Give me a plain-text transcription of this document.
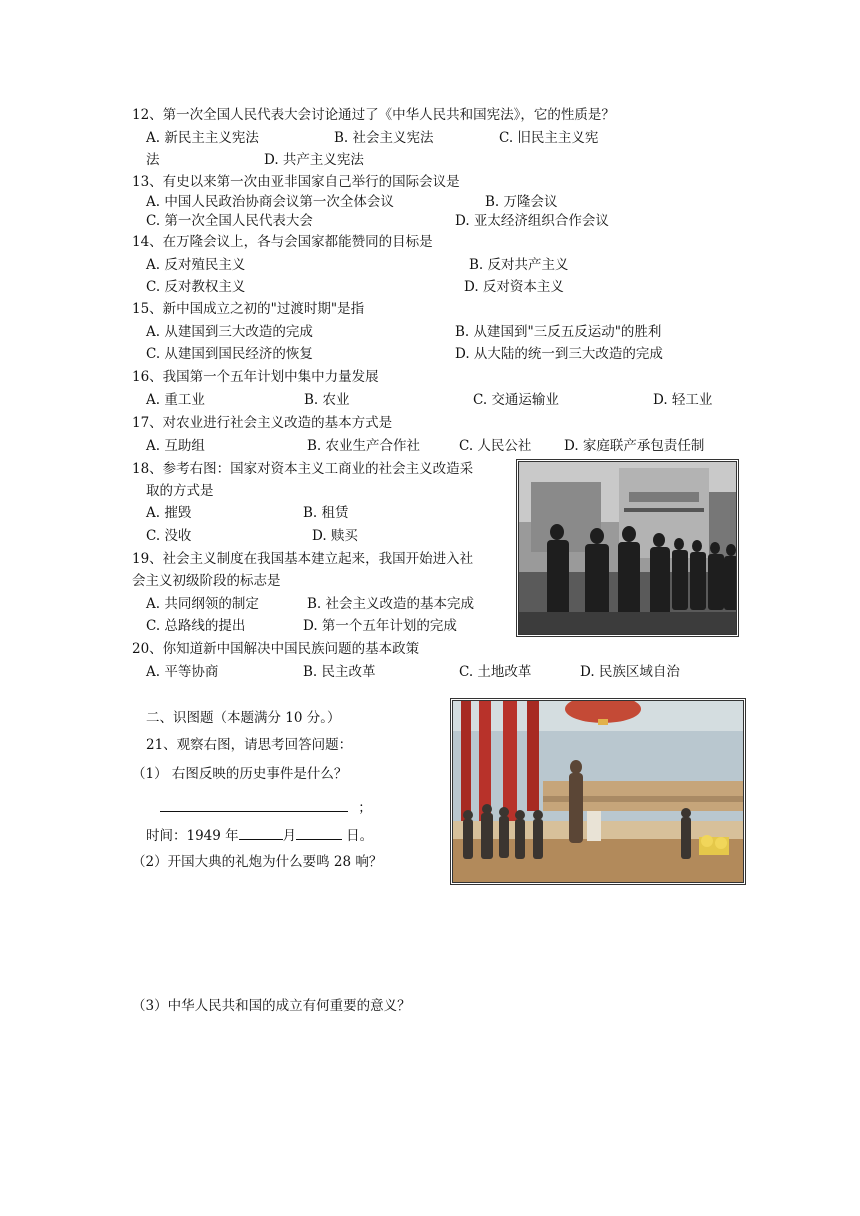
12、第一次全国人民代表大会讨论通过了《中华人民共和国宪法》，它的性质是？
A. 新民主主义宪法	B. 社会主义宪法	C. 旧民主主义宪
法	D. 共产主义宪法
13、有史以来第一次由亚非国家自己举行的国际会议是
A. 中国人民政治协商会议第一次全体会议	B. 万隆会议
C. 第一次全国人民代表大会	D. 亚太经济组织合作会议
14、在万隆会议上，各与会国家都能赞同的目标是
A. 反对殖民主义	B. 反对共产主义
C. 反对教权主义	D. 反对资本主义
15、新中国成立之初的"过渡时期"是指
A. 从建国到三大改造的完成	B. 从建国到"三反五反运动"的胜利
C. 从建国到国民经济的恢复	D. 从大陆的统一到三大改造的完成
16、我国第一个五年计划中集中力量发展
A. 重工业	B. 农业	C. 交通运输业	D. 轻工业
17、对农业进行社会主义改造的基本方式是
A. 互助组	B. 农业生产合作社	C. 人民公社 D. 家庭联产承包责任制
18、参考右图：国家对资本主义工商业的社会主义改造采
取的方式是
A. 摧毁	B. 租赁
C. 没收	D. 赎买
19、社会主义制度在我国基本建立起来，我国开始进入社
会主义初级阶段的标志是
A. 共同纲领的制定	B. 社会主义改造的基本完成
C. 总路线的提出	D. 第一个五年计划的完成
20、你知道新中国解决中国民族问题的基本政策
A. 平等协商	B. 民主改革	C. 土地改革	D. 民族区域自治
二、识图题（本题满分 10 分。）
21、观察右图，请思考回答问题：
（1） 右图反映的历史事件是什么？
；
时间：1949 年	月	日。
（2）开国大典的礼炮为什么要鸣 28 响？
（3）中华人民共和国的成立有何重要的意义？
